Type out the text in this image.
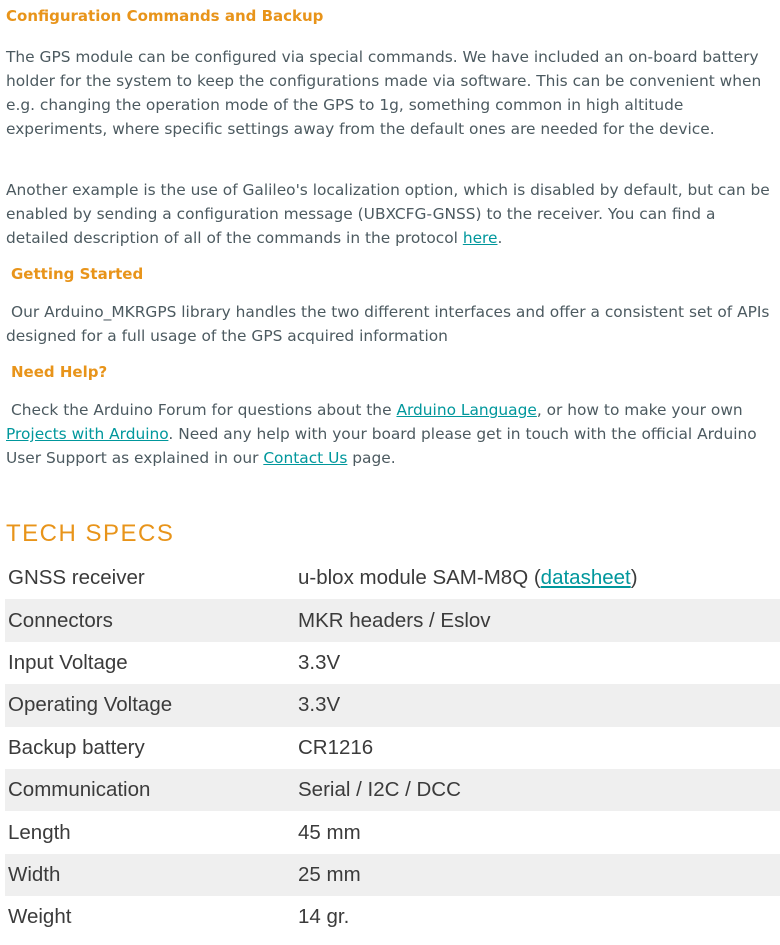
Configuration Commands and Backup

The GPS module can be configured via special commands. We have included an on-board battery holder for the system to keep the configurations made via software. This can be convenient when e.g. changing the operation mode of the GPS to 1g, something common in high altitude experiments, where specific settings away from the default ones are needed for the device.

Another example is the use of Galileo's localization option, which is disabled by default, but can be enabled by sending a configuration message (UBXCFG-GNSS) to the receiver. You can find a detailed description of all of the commands in the protocol here.

Getting Started

Our Arduino_MKRGPS library handles the two different interfaces and offer a consistent set of APIs designed for a full usage of the GPS acquired information

Need Help?

Check the Arduino Forum for questions about the Arduino Language, or how to make your own Projects with Arduino. Need any help with your board please get in touch with the official Arduino User Support as explained in our Contact Us page.

TECH SPECS
GNSS receiver	u-blox module SAM-M8Q (datasheet)
Connectors	MKR headers / Eslov
Input Voltage	3.3V
Operating Voltage	3.3V
Backup battery	CR1216
Communication	Serial / I2C / DCC
Length	45 mm
Width	25 mm
Weight	14 gr.
